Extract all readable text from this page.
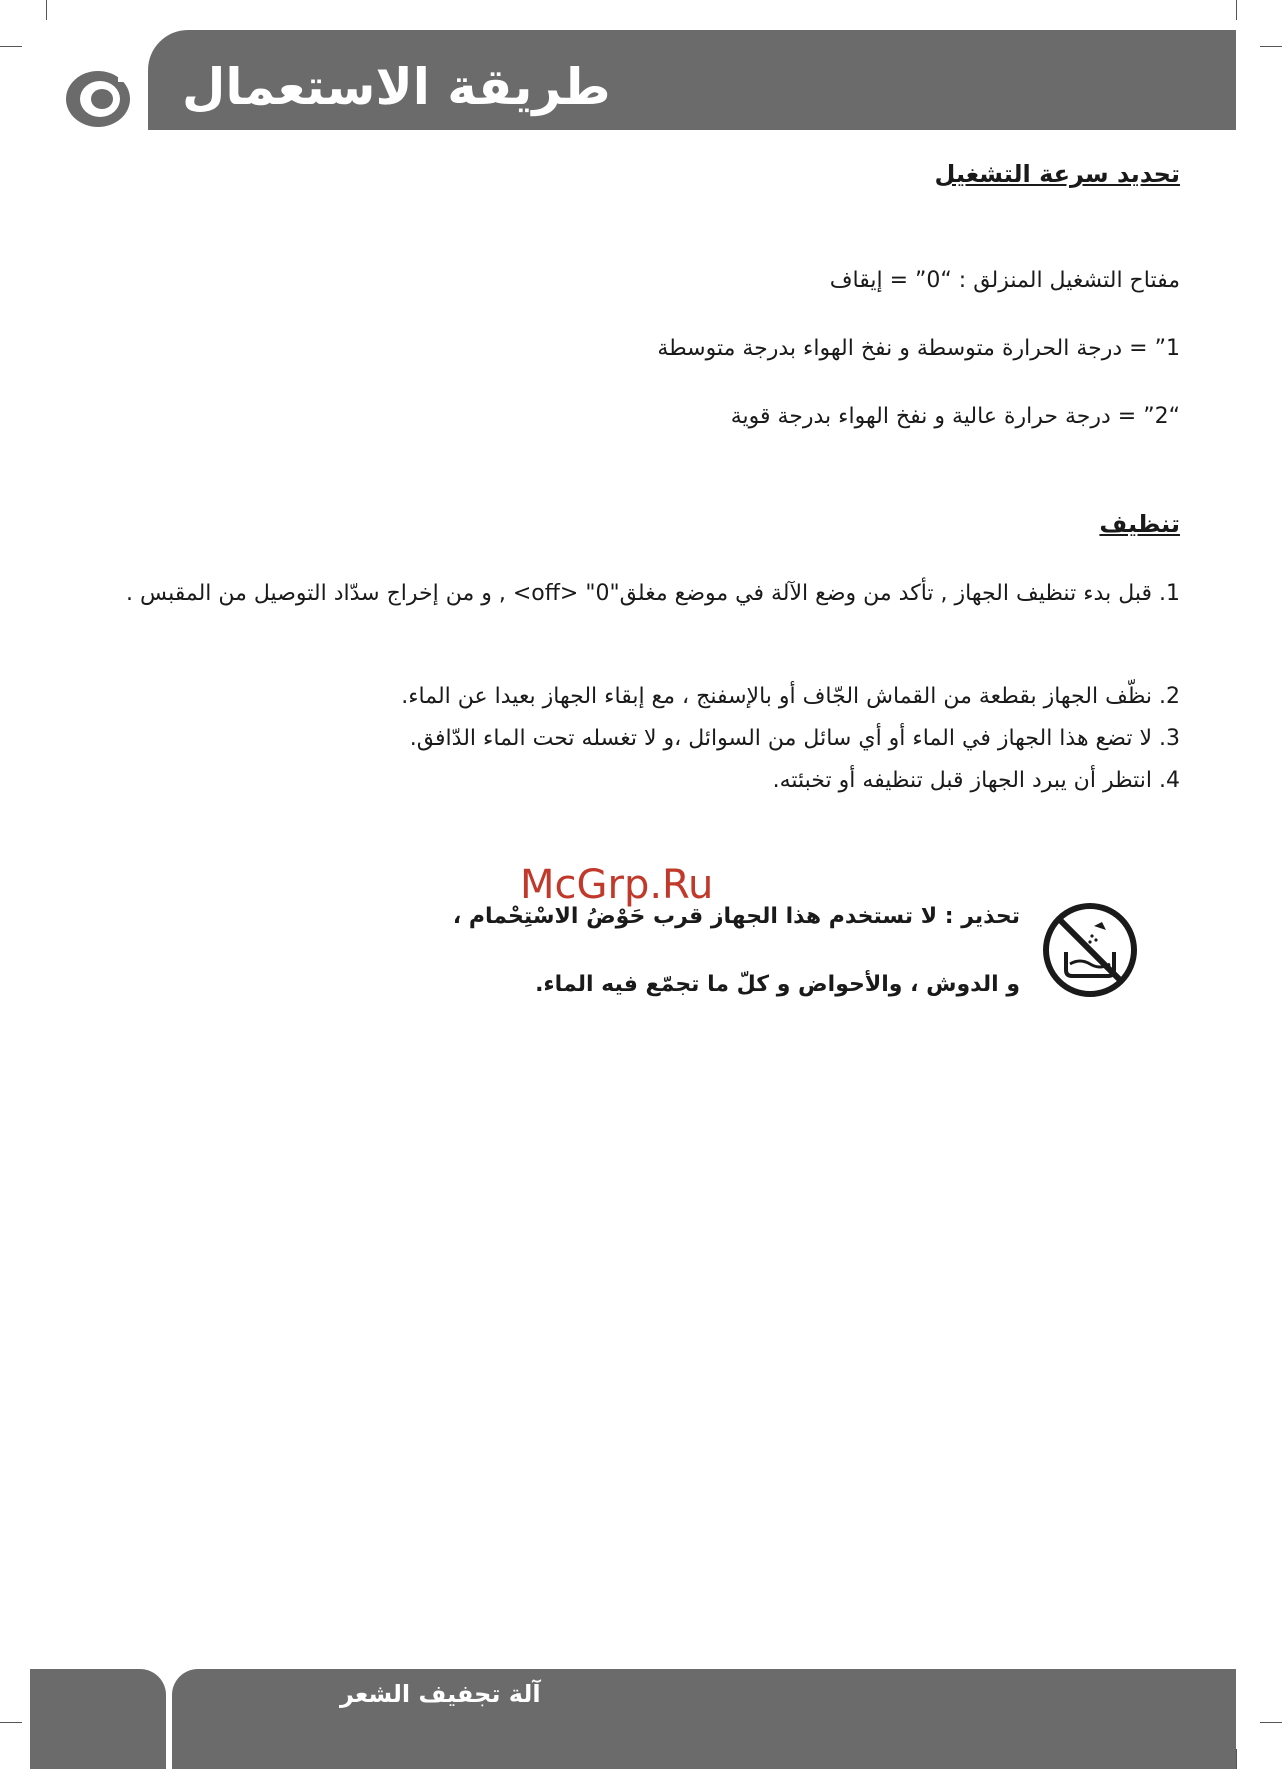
طريقة الاستعمال
تحديد سرعة التشغيل
مفتاح التشغيل المنزلق : “0” = إيقاف
1” = درجة الحرارة متوسطة و نفخ الهواء بدرجة متوسطة
“2” = درجة حرارة عالية و نفخ الهواء بدرجة قوية
تنظيف
1. قبل بدء تنظيف الجهاز , تأكد من وضع الآلة في موضع مغلق"0" <off> , و من إخراج سدّاد التوصيل من المقبس .
2. نظّف الجهاز بقطعة من القماش الجّاف أو بالإسفنج ، مع إبقاء الجهاز بعيدا عن الماء.
3. لا تضع هذا الجهاز في الماء أو أي سائل من السوائل ،و لا تغسله تحت الماء الدّافق.
4. انتظر أن يبرد الجهاز قبل تنظيفه أو تخبئته.
McGrp.Ru
تحذير : لا تستخدم هذا الجهاز قرب حَوْضُ الاسْتِحْمام ،
و الدوش ، والأحواض و كلّ ما تجمّع فيه الماء.
آلة تجفيف الشعر
